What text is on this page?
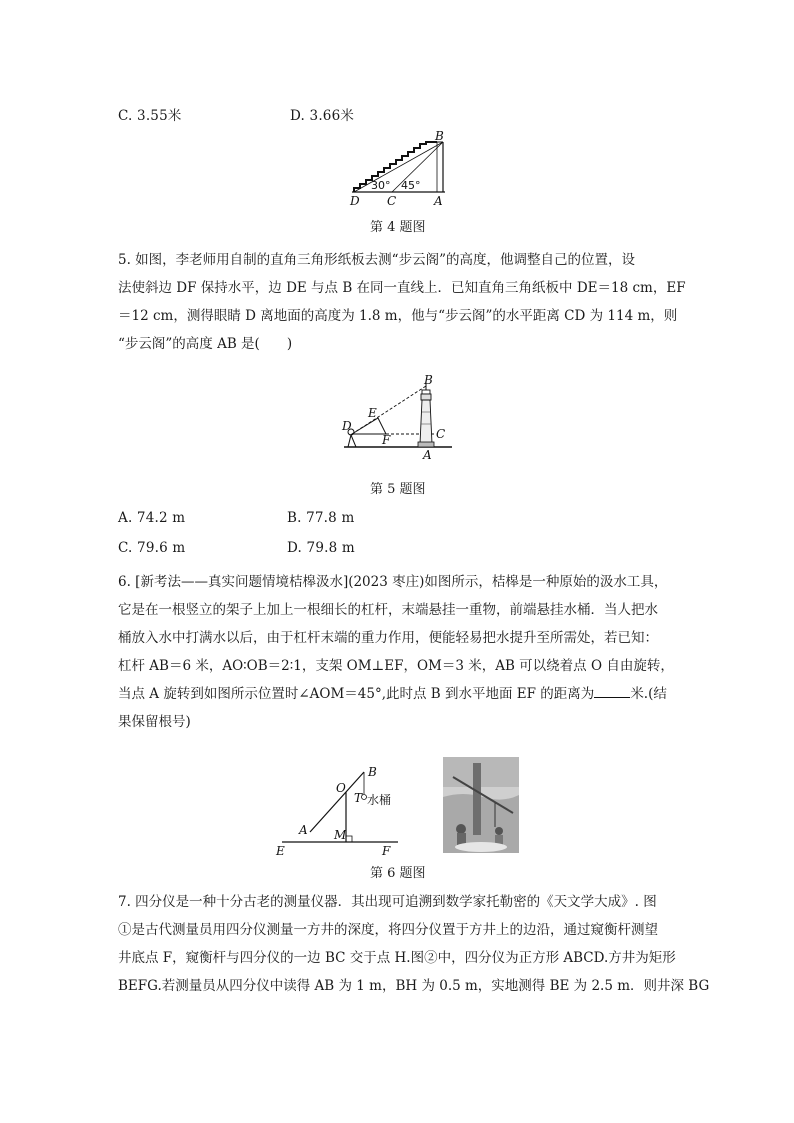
C. 3.55米	D. 3.66米
B
D C	A
30° 45°
第 4 题图
5. 如图，李老师用自制的直角三角形纸板去测“步云阁”的高度，他调整自己的位置，设
法使斜边 DF 保持水平，边 DE 与点 B 在同一直线上．已知直角三角纸板中 DE＝18 cm，EF
＝12 cm，测得眼睛 D 离地面的高度为 1.8 m，他与“步云阁”的水平距离 CD 为 114 m，则
“步云阁”的高度 AB 是(　　)
B
E
D
F	C
A
第 5 题图
A. 74.2 m	B. 77.8 m
C. 79.6 m	D. 79.8 m
6. [新考法——真实问题情境桔槔汲水](2023 枣庄)如图所示，桔槔是一种原始的汲水工具，
它是在一根竖立的架子上加上一根细长的杠杆，末端悬挂一重物，前端悬挂水桶．当人把水
桶放入水中打满水以后，由于杠杆末端的重力作用，便能轻易把水提升至所需处，若已知：
杠杆 AB＝6 米，AO∶OB＝2∶1，支架 OM⊥EF，OM＝3 米，AB 可以绕着点 O 自由旋转，
当点 A 旋转到如图所示位置时∠AOM＝45°,此时点 B 到水平地面 EF 的距离为	米.(结
果保留根号)
B
O
T 水桶
A M
E	F
第 6 题图
7. 四分仪是一种十分古老的测量仪器．其出现可追溯到数学家托勒密的《天文学大成》. 图
①是古代测量员用四分仪测量一方井的深度，将四分仪置于方井上的边沿，通过窥衡杆测望
井底点 F，窥衡杆与四分仪的一边 BC 交于点 H.图②中，四分仪为正方形 ABCD.方井为矩形
BEFG.若测量员从四分仪中读得 AB 为 1 m，BH 为 0.5 m，实地测得 BE 为 2.5 m．则井深 BG
